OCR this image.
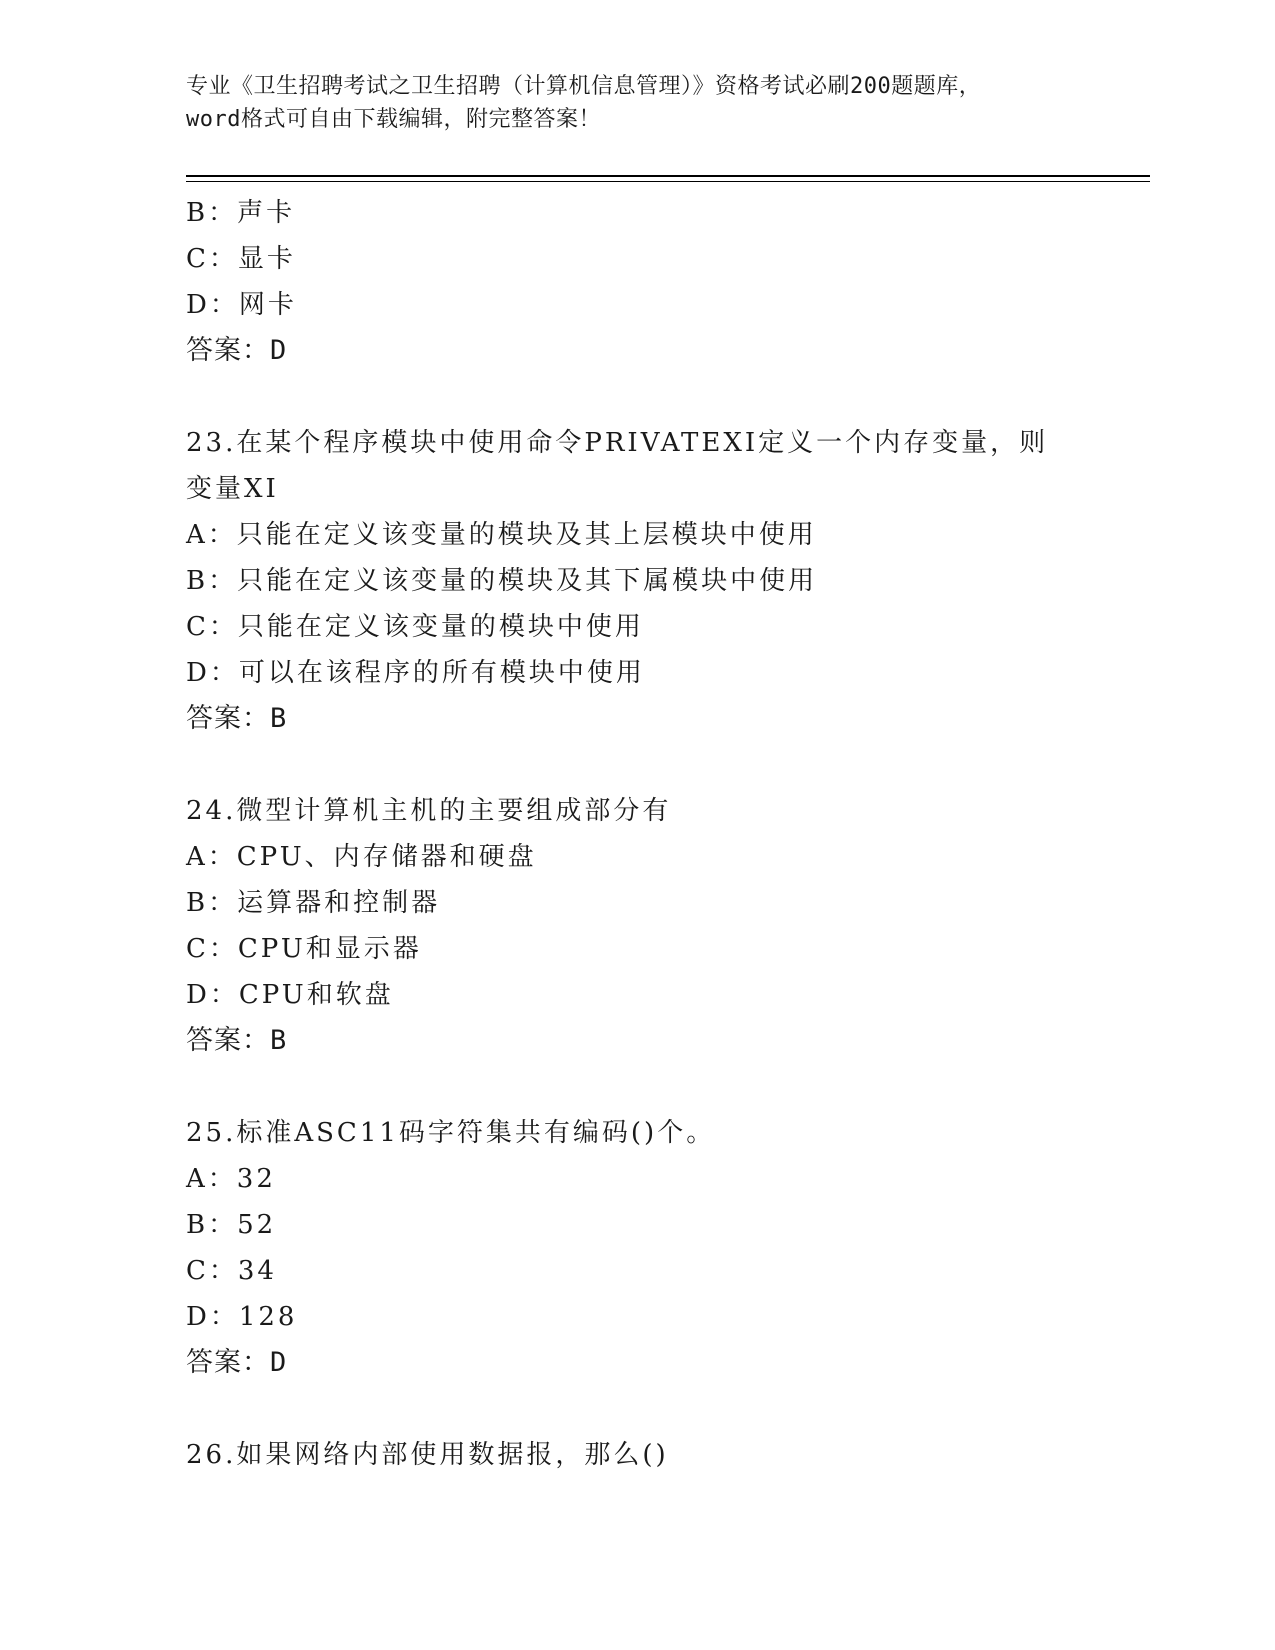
专业《卫生招聘考试之卫生招聘（计算机信息管理）》资格考试必刷200题题库，
word格式可自由下载编辑，附完整答案！
B：声卡
C：显卡
D：网卡
答案：D
23.在某个程序模块中使用命令PRIVATEXI定义一个内存变量，则变量XI
A：只能在定义该变量的模块及其上层模块中使用
B：只能在定义该变量的模块及其下属模块中使用
C：只能在定义该变量的模块中使用
D：可以在该程序的所有模块中使用
答案：B
24.微型计算机主机的主要组成部分有
A：CPU、内存储器和硬盘
B：运算器和控制器
C：CPU和显示器
D：CPU和软盘
答案：B
25.标准ASC11码字符集共有编码()个。
A：32
B：52
C：34
D：128
答案：D
26.如果网络内部使用数据报，那么()
